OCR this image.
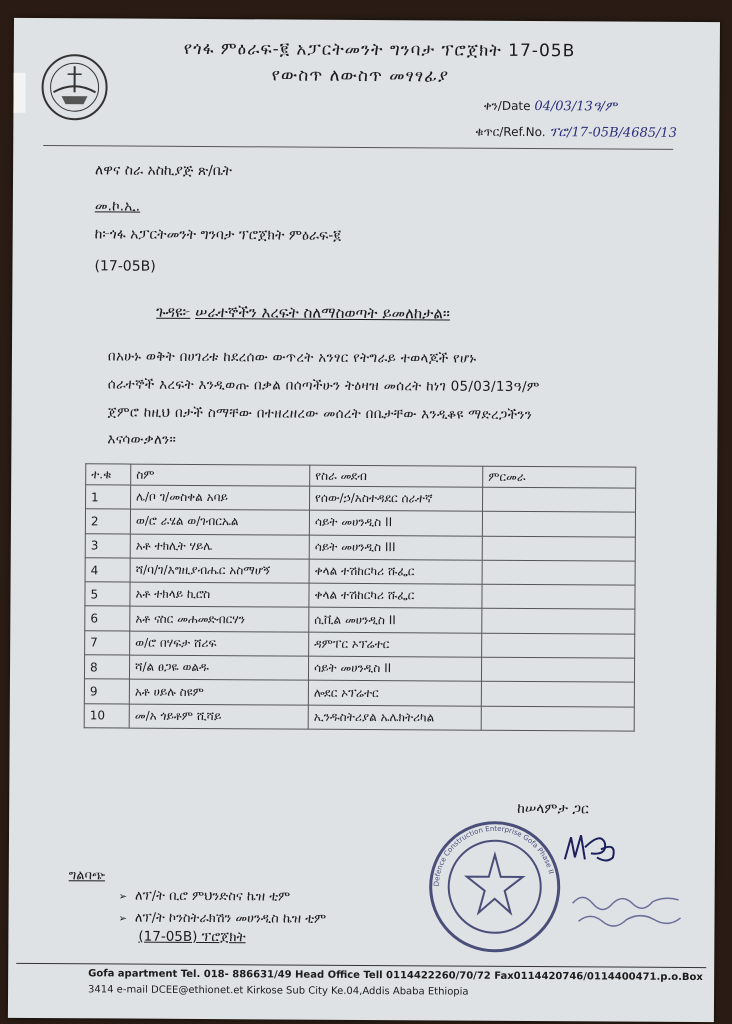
የጎፋ ምዕራፍ-፪ አፓርትመንት ግንባታ ፕሮጀክት 17-05B
የውስጥ ለውስጥ መፃፃፊያ
ቀን/Date 04/03/13ዓ/ም
ቁጥር/Ref.No. ፕሮ/17-05B/4685/13
ለዋና ስራ አስኪያጅ ጽ/ቤት
መ.ኮ.ኢ.
ከ፦ጎፋ አፓርትመንት ግንባታ ፕሮጀክት ምዕራፍ-፪
(17-05B)
ጉዳዩ፦ ሠራተኞችን እረፍት ስለማስወጣት ይመለከታል።
በአሁኑ ወቅት በሀገሪቱ ከደረሰው ውጥረት አንፃር የትግራይ ተወላጆች የሆኑ
ሰራተኞች እረፍት እንዲወጡ በቃል በሰጣችሁን ትዕዛዝ መሰረት ከነገ 05/03/13ዓ/ም
ጀምሮ ከዚህ በታች ስማቸው በተዘረዘረው መሰረት በቤታቸው እንዲቆዩ ማድረጋችንን
እናሳውቃለን።
ተ.ቁ	ስም	የስራ መደብ	ምርመራ
1	ሌ/ቦ ገ/መስቀል አባይ	የሰው/ኃ/አስተዳደር ሰራተኛ	
2	ወ/ሮ ራሄል ወ/ገብርኤል	ሳይት መሀንዲስ II	
3	አቶ ተክሊት ሃይሌ	ሳይት መሀንዲስ III	
4	ሻ/ባ/ገ/እግዚያብሔር አስማሆኝ	ቀላል ተሽከርካሪ ሹፌር	
5	አቶ ተክላይ ኪሮስ	ቀላል ተሽከርካሪ ሹፌር	
6	አቶ ናስር መሐመድብርሃን	ሲቪል መሀንዲስ II	
7	ወ/ሮ በሃፍታ ሸሪፍ	ዳምፐር ኦፕሬተር	
8	ሻ/ል ፀጋዬ ወልዱ	ሳይት መሀንዲስ II	
9	አቶ ሀይሉ ስዩም	ሎደር ኦፕሬተር	
10	መ/አ ጎይቶም ሺሻይ	ኢንዱስትሪያል ኤሌክትሪካል	
ከሠላምታ ጋር
Defence Construction Enterprise Gofa Phase II
ግልባጭ
➢ ለፕ/ት ቢሮ ምህንድስና ኬዝ ቲም
➢ ለፕ/ት ኮንስትራክሽን መሀንዲስ ኬዝ ቲም
(17-05B) ፕሮጀክት
Gofa apartment Tel. 018- 886631/49 Head Office Tell 0114422260/70/72 Fax0114420746/0114400471.p.o.Box
3414 e-mail DCEE@ethionet.et Kirkose Sub City Ke.04,Addis Ababa Ethiopia
